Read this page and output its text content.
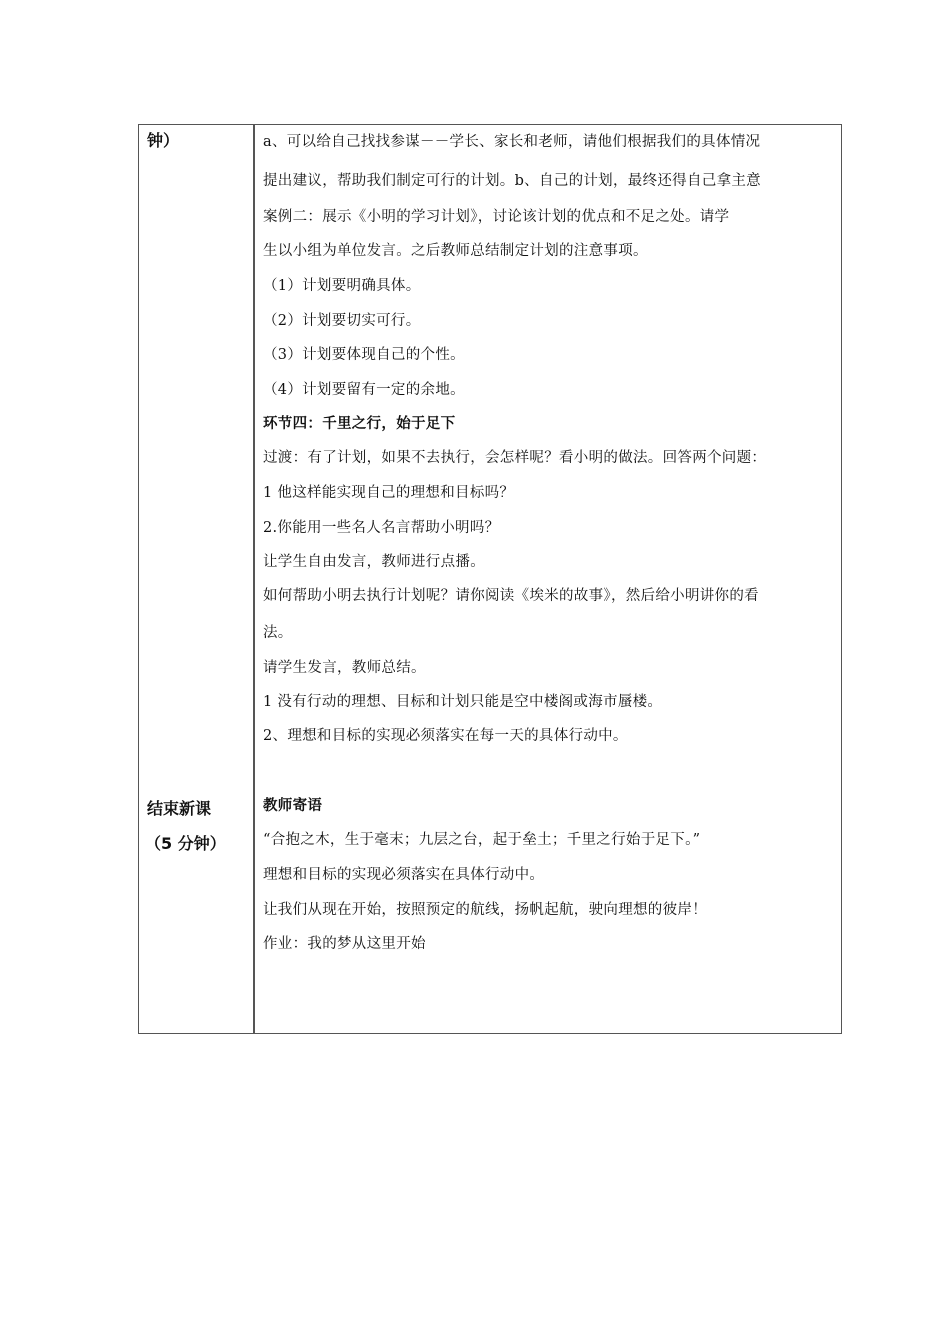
钟）
结束新课
（5 分钟）
a、可以给自己找找参谋－－学长、家长和老师，请他们根据我们的具体情况
提出建议，帮助我们制定可行的计划。b、自己的计划，最终还得自己拿主意
案例二：展示《小明的学习计划》，讨论该计划的优点和不足之处。请学
生以小组为单位发言。之后教师总结制定计划的注意事项。
（1）计划要明确具体。
（2）计划要切实可行。
（3）计划要体现自己的个性。
（4）计划要留有一定的余地。
环节四：千里之行，始于足下
过渡：有了计划，如果不去执行，会怎样呢？看小明的做法。回答两个问题：
1 他这样能实现自己的理想和目标吗？
2.你能用一些名人名言帮助小明吗？
让学生自由发言，教师进行点播。
如何帮助小明去执行计划呢？请你阅读《埃米的故事》，然后给小明讲你的看
法。
请学生发言，教师总结。
1 没有行动的理想、目标和计划只能是空中楼阁或海市蜃楼。
2、理想和目标的实现必须落实在每一天的具体行动中。
教师寄语
“合抱之木，生于毫末；九层之台，起于垒土；千里之行始于足下。”
理想和目标的实现必须落实在具体行动中。
让我们从现在开始，按照预定的航线，扬帆起航，驶向理想的彼岸！
作业：我的梦从这里开始
